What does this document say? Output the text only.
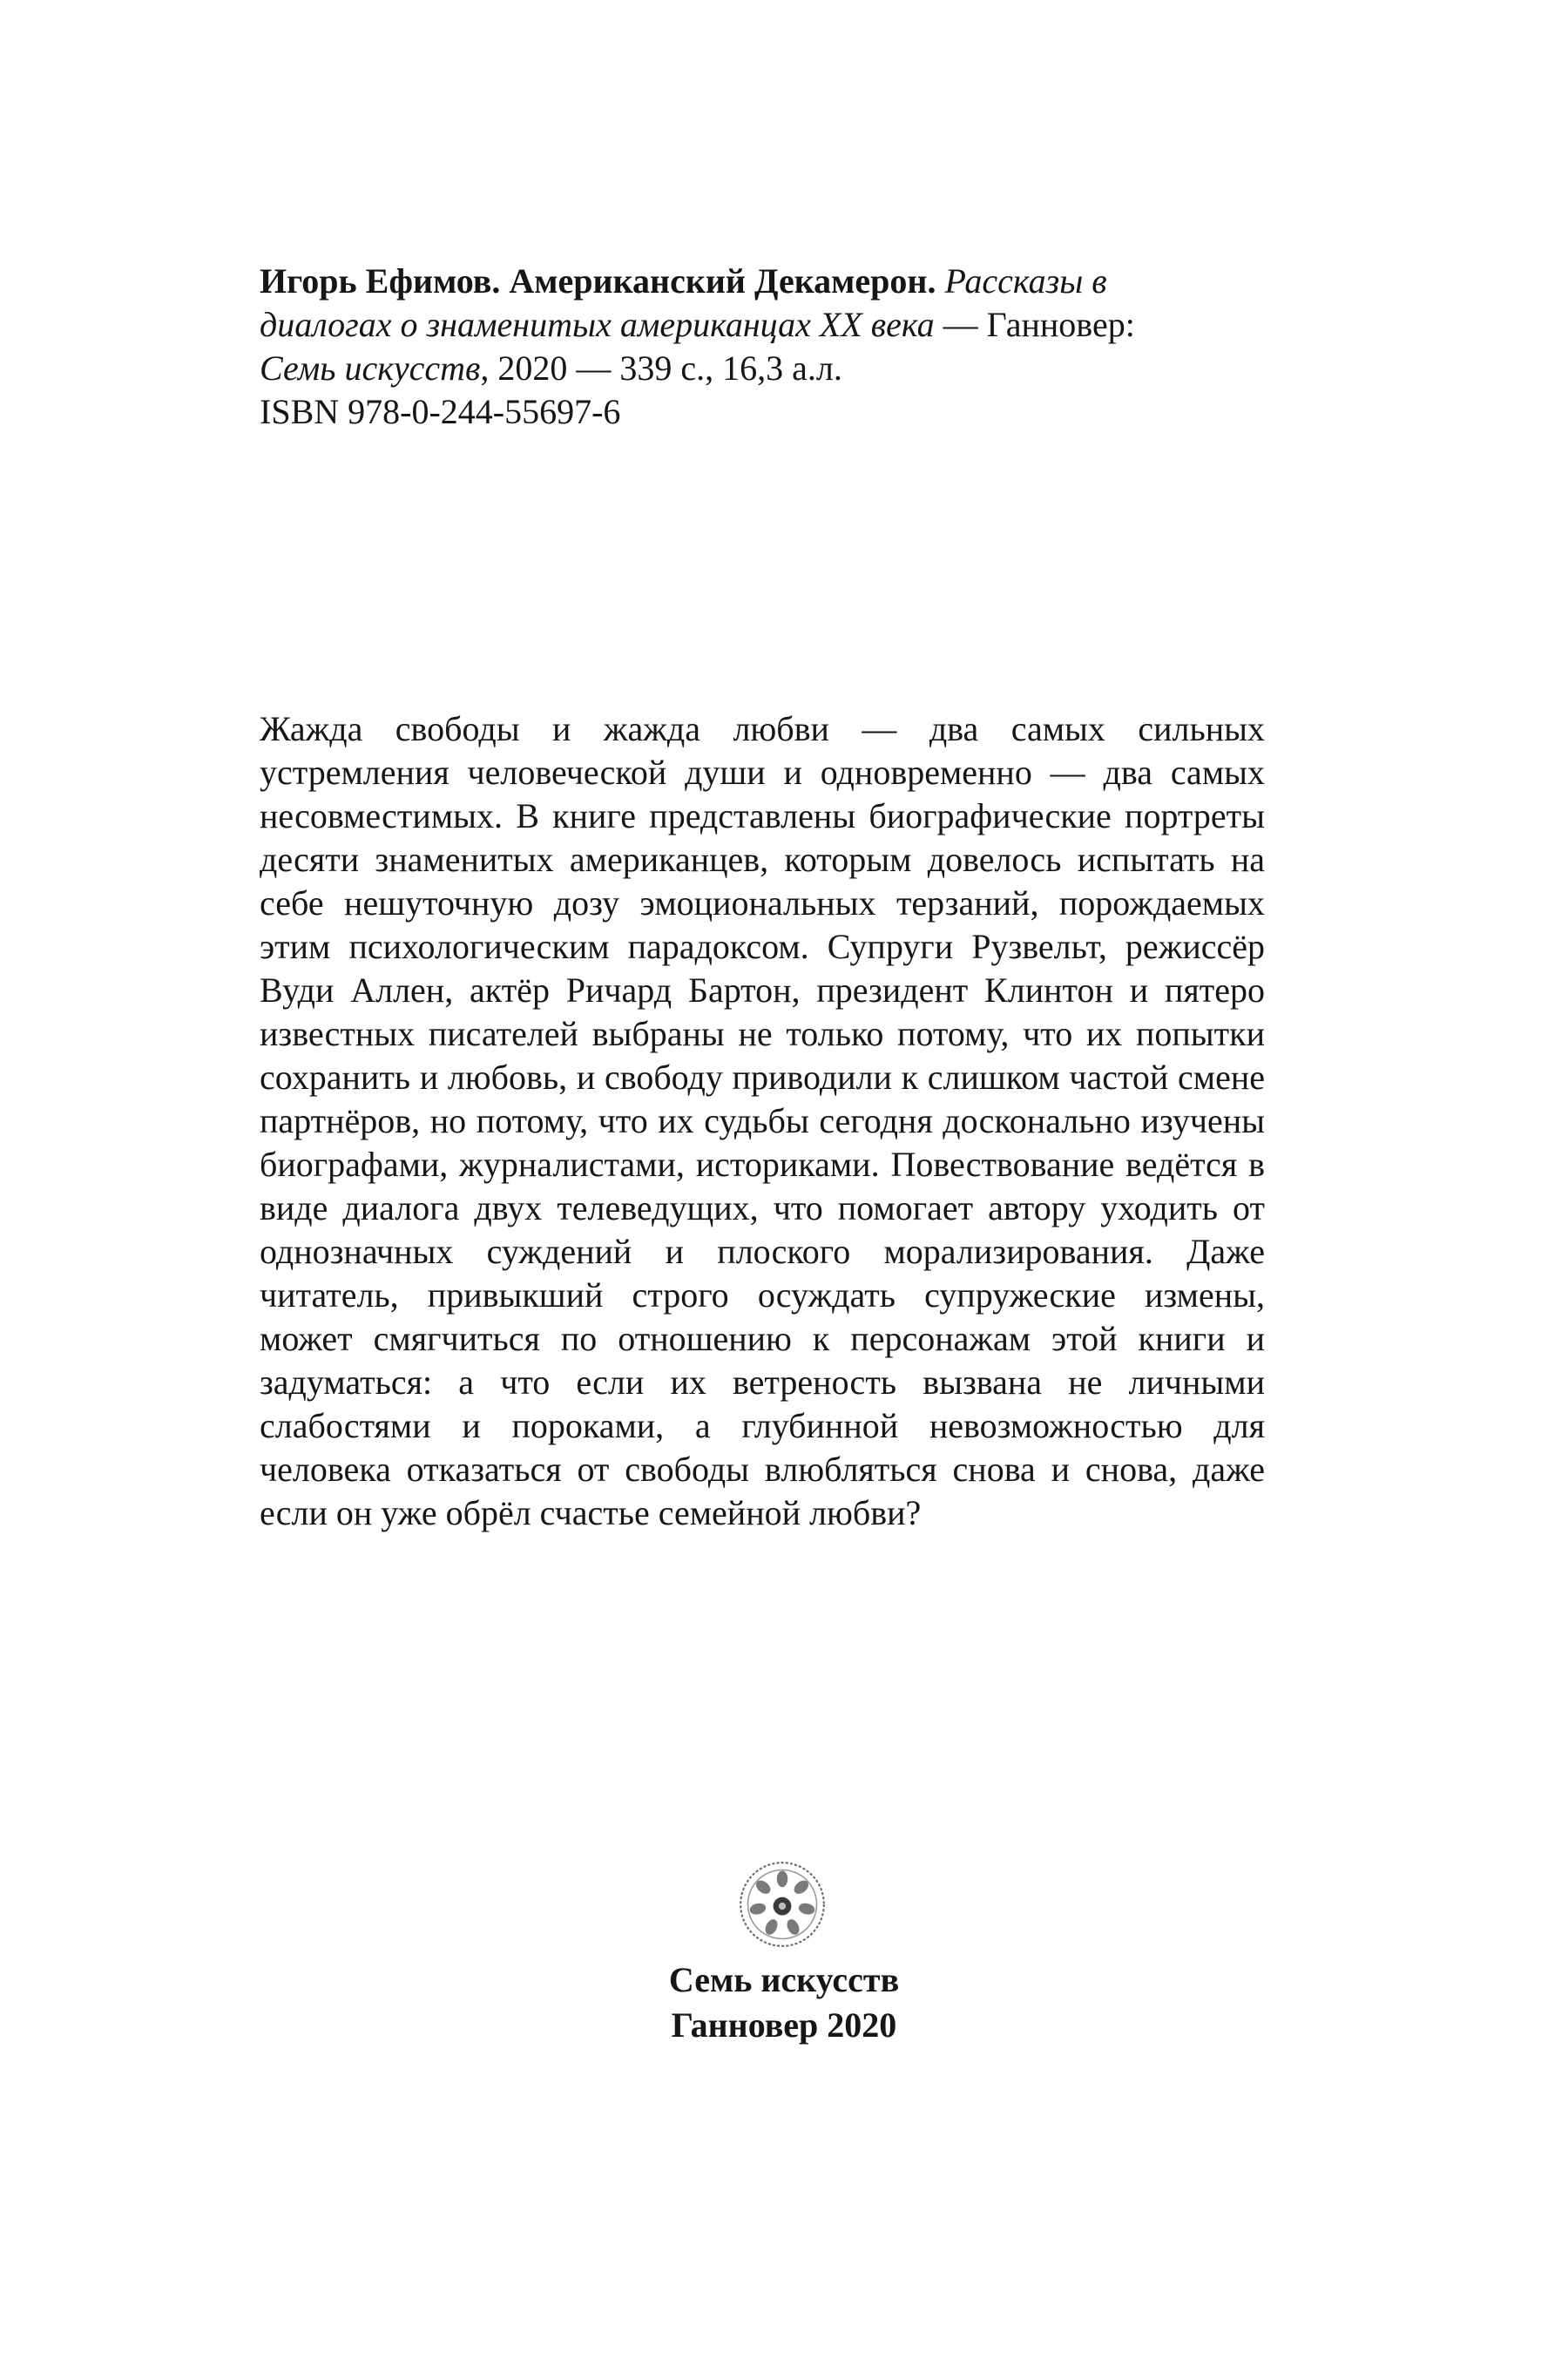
Игорь Ефимов. Американский Декамерон. Рассказы в
диалогах о знаменитых американцах XX века — Ганновер:
Семь искусств, 2020 — 339 с., 16,3 а.л.
ISBN 978-0-244-55697-6
Жажда свободы и жажда любви — два самых сильных устремления человеческой души и одновременно — два самых несовместимых. В книге представлены биографические портреты десяти знаменитых американцев, которым довелось испытать на себе нешуточную дозу эмоциональных терзаний, порождаемых этим психологическим парадоксом. Супруги Рузвельт, режиссёр Вуди Аллен, актёр Ричард Бартон, президент Клинтон и пятеро известных писателей выбраны не только потому, что их попытки сохранить и любовь, и свободу приводили к слишком частой смене партнёров, но потому, что их судьбы сегодня досконально изучены биографами, журналистами, историками. Повествование ведётся в виде диалога двух телеведущих, что помогает автору уходить от однозначных суждений и плоского морализирования. Даже читатель, привыкший строго осуждать супружеские измены, может смягчиться по отношению к персонажам этой книги и задуматься: а что если их ветреность вызвана не личными слабостями и пороками, а глубинной невозможностью для человека отказаться от свободы влюбляться снова и снова, даже если он уже обрёл счастье семейной любви?
Семь искусств
Ганновер 2020
